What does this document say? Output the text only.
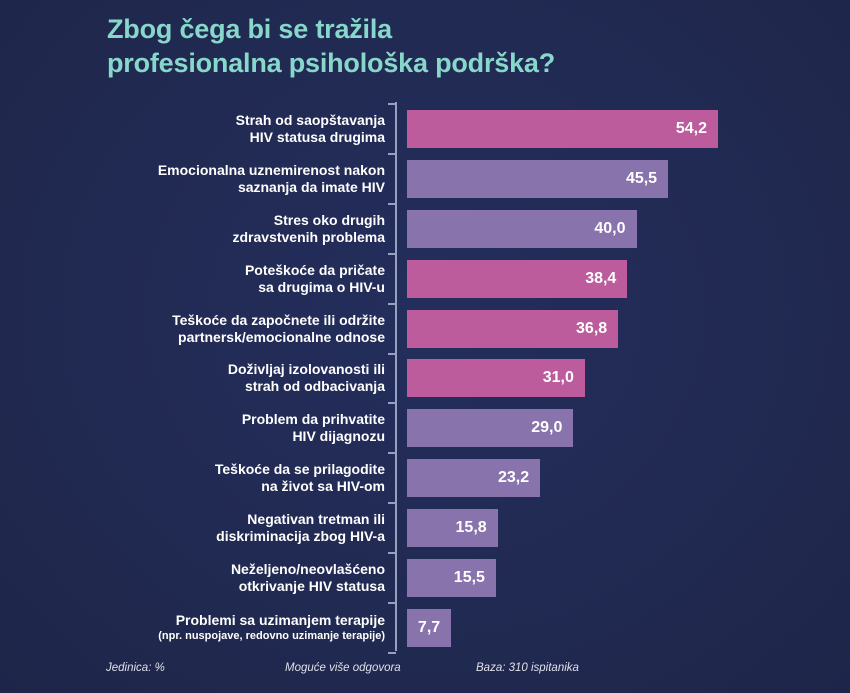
Zbog čega bi se tražila
profesionalna psihološka podrška?
Strah od saopštavanja
HIV statusa drugima	54,2
Emocionalna uznemirenost nakon
saznanja da imate HIV	45,5
Stres oko drugih
zdravstvenih problema	40,0
Poteškoće da pričate
sa drugima o HIV-u	38,4
Teškoće da započnete ili održite
partnersk/emocionalne odnose	36,8
Doživljaj izolovanosti ili
strah od odbacivanja	31,0
Problem da prihvatite
HIV dijagnozu	29,0
Teškoće da se prilagodite
na život sa HIV-om	23,2
Negativan tretman ili
diskriminacija zbog HIV-a	15,8
Neželjeno/neovlašćeno
otkrivanje HIV statusa	15,5
Problemi sa uzimanjem terapije
(npr. nuspojave, redovno uzimanje terapije)
7,7
Jedinica: %	Moguće više odgovora	Baza: 310 ispitanika
